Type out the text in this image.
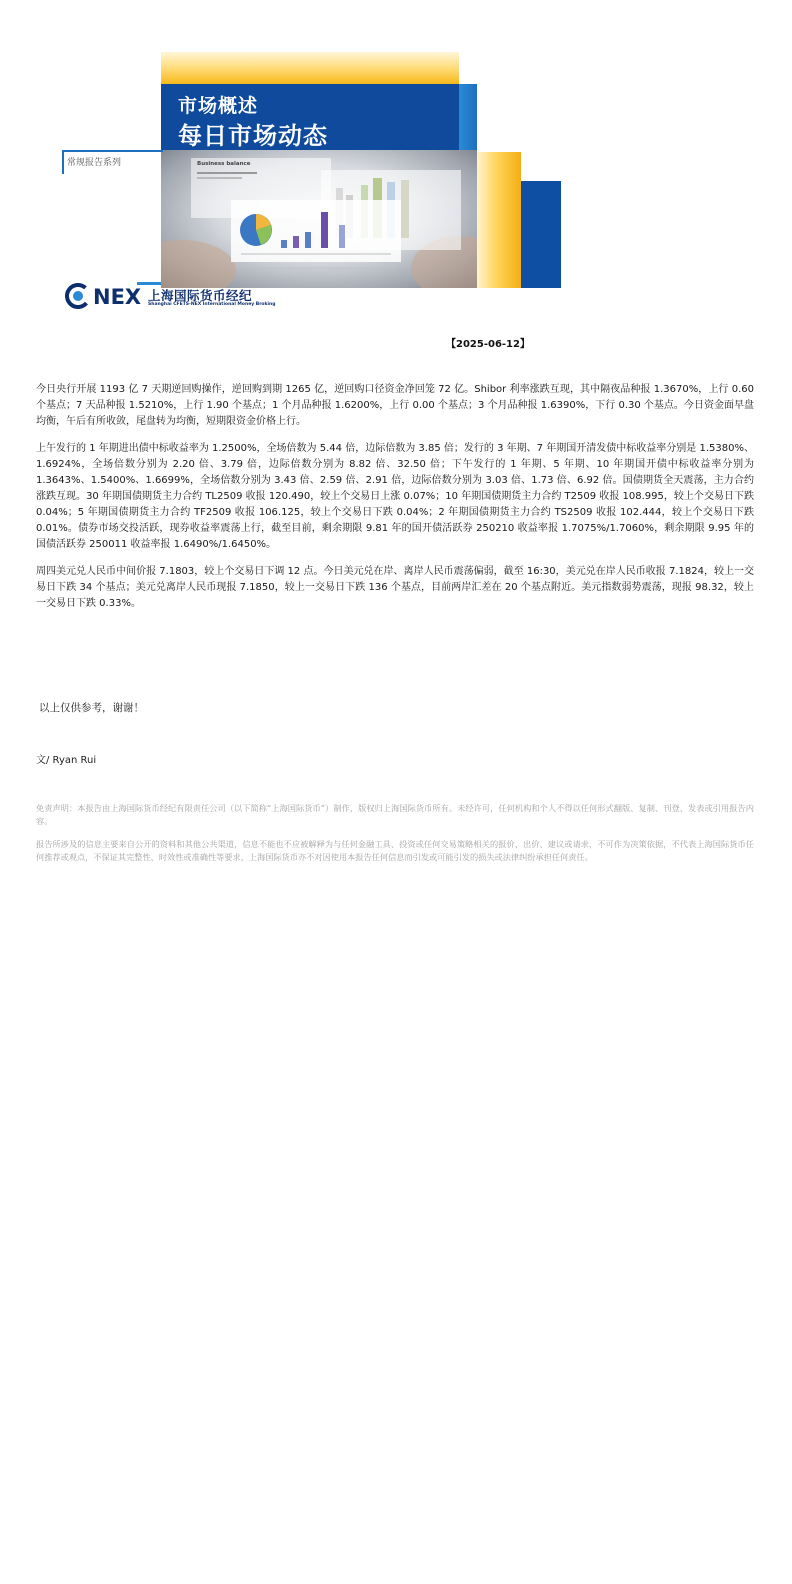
市场概述
每日市场动态
Business balance
常规报告系列
NEX 上海国际货币经纪
Shanghai CFETS-NEX International Money Broking
【2025-06-12】

今日央行开展 1193 亿 7 天期逆回购操作，逆回购到期 1265 亿，逆回购口径资金净回笼 72 亿。Shibor 利率涨跌互现，其中隔夜品种报 1.3670%，上行 0.60 个基点；7 天品种报 1.5210%，上行 1.90 个基点；1 个月品种报 1.6200%，上行 0.00 个基点；3 个月品种报 1.6390%，下行 0.30 个基点。今日资金面早盘均衡，午后有所收敛，尾盘转为均衡，短期限资金价格上行。

上午发行的 1 年期进出债中标收益率为 1.2500%，全场倍数为 5.44 倍，边际倍数为 3.85 倍；发行的 3 年期、7 年期国开清发债中标收益率分别是 1.5380%、1.6924%，全场倍数分别为 2.20 倍、3.79 倍，边际倍数分别为 8.82 倍、32.50 倍；下午发行的 1 年期、5 年期、10 年期国开债中标收益率分别为 1.3643%、1.5400%、1.6699%，全场倍数分别为 3.43 倍、2.59 倍、2.91 倍，边际倍数分别为 3.03 倍、1.73 倍、6.92 倍。国债期货全天震荡，主力合约涨跌互现。30 年期国债期货主力合约 TL2509 收报 120.490，较上个交易日上涨 0.07%；10 年期国债期货主力合约 T2509 收报 108.995，较上个交易日下跌 0.04%；5 年期国债期货主力合约 TF2509 收报 106.125，较上个交易日下跌 0.04%；2 年期国债期货主力合约 TS2509 收报 102.444，较上个交易日下跌 0.01%。债券市场交投活跃，现券收益率震荡上行，截至目前，剩余期限 9.81 年的国开债活跃券 250210 收益率报 1.7075%/1.7060%，剩余期限 9.95 年的国债活跃券 250011 收益率报 1.6490%/1.6450%。

周四美元兑人民币中间价报 7.1803，较上个交易日下调 12 点。今日美元兑在岸、离岸人民币震荡偏弱，截至 16:30，美元兑在岸人民币收报 7.1824，较上一交易日下跌 34 个基点；美元兑离岸人民币现报 7.1850，较上一交易日下跌 136 个基点，目前两岸汇差在 20 个基点附近。美元指数弱势震荡，现报 98.32，较上一交易日下跌 0.33%。

以上仅供参考，谢谢！
文/ Ryan Rui

免责声明：本报告由上海国际货币经纪有限责任公司（以下简称“上海国际货币”）制作，版权归上海国际货币所有。未经许可，任何机构和个人不得以任何形式翻版、复制、刊登、发表或引用报告内容。

报告所涉及的信息主要来自公开的资料和其他公共渠道，信息不能也不应被解释为与任何金融工具、投资或任何交易策略相关的报价、出价、建议或请求，不可作为决策依据，不代表上海国际货币任何推荐或观点，不保证其完整性、时效性或准确性等要求，上海国际货币亦不对因使用本报告任何信息而引发或可能引发的损失或法律纠纷承担任何责任。
